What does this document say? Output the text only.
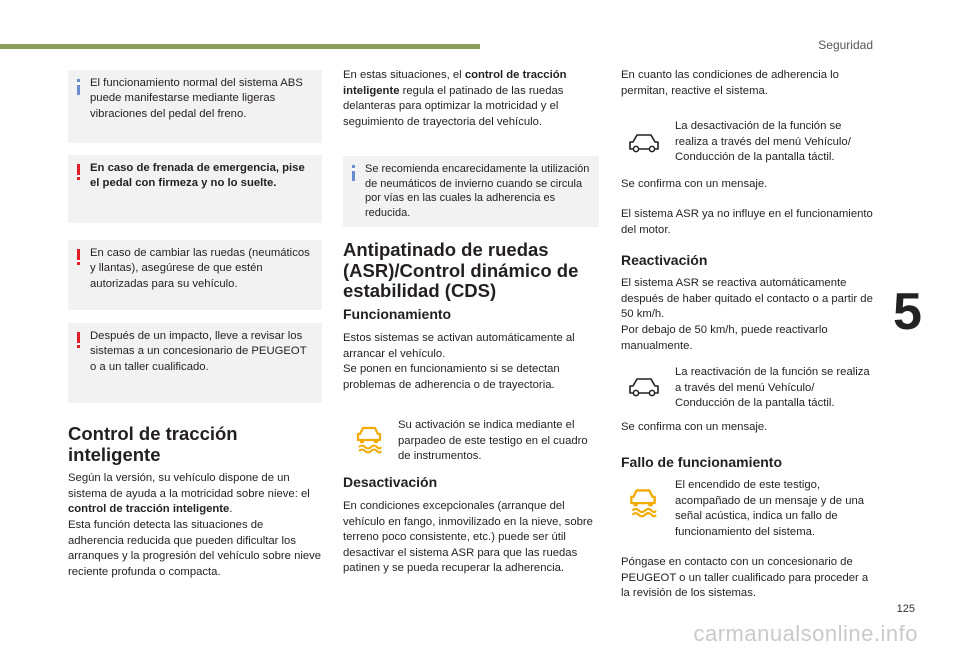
Seguridad
5
El funcionamiento normal del sistema ABS puede manifestarse mediante ligeras vibraciones del pedal del freno.
En caso de frenada de emergencia, pise el pedal con firmeza y no lo suelte.
En caso de cambiar las ruedas (neumáticos y llantas), asegúrese de que estén autorizadas para su vehículo.
Después de un impacto, lleve a revisar los sistemas a un concesionario de PEUGEOT o a un taller cualificado.
Control de tracción inteligente
Según la versión, su vehículo dispone de un sistema de ayuda a la motricidad sobre nieve: el control de tracción inteligente.
Esta función detecta las situaciones de adherencia reducida que pueden dificultar los arranques y la progresión del vehículo sobre nieve reciente profunda o compacta.
En estas situaciones, el control de tracción inteligente regula el patinado de las ruedas delanteras para optimizar la motricidad y el seguimiento de trayectoria del vehículo.
Se recomienda encarecidamente la utilización de neumáticos de invierno cuando se circula por vías en las cuales la adherencia es reducida.
Antipatinado de ruedas (ASR)/Control dinámico de estabilidad (CDS)
Funcionamiento
Estos sistemas se activan automáticamente al arrancar el vehículo.
Se ponen en funcionamiento si se detectan problemas de adherencia o de trayectoria.
Su activación se indica mediante el parpadeo de este testigo en el cuadro de instrumentos.
Desactivación
En condiciones excepcionales (arranque del vehículo en fango, inmovilizado en la nieve, sobre terreno poco consistente, etc.) puede ser útil desactivar el sistema ASR para que las ruedas patinen y se pueda recuperar la adherencia.
En cuanto las condiciones de adherencia lo permitan, reactive el sistema.
La desactivación de la función se realiza a través del menú Vehículo/ Conducción de la pantalla táctil.
Se confirma con un mensaje.
El sistema ASR ya no influye en el funcionamiento del motor.
Reactivación
El sistema ASR se reactiva automáticamente después de haber quitado el contacto o a partir de 50 km/h.
Por debajo de 50 km/h, puede reactivarlo manualmente.
La reactivación de la función se realiza a través del menú Vehículo/ Conducción de la pantalla táctil.
Se confirma con un mensaje.
Fallo de funcionamiento
El encendido de este testigo, acompañado de un mensaje y de una señal acústica, indica un fallo de funcionamiento del sistema.
Póngase en contacto con un concesionario de PEUGEOT o un taller cualificado para proceder a la revisión de los sistemas.
125
carmanualsonline.info
